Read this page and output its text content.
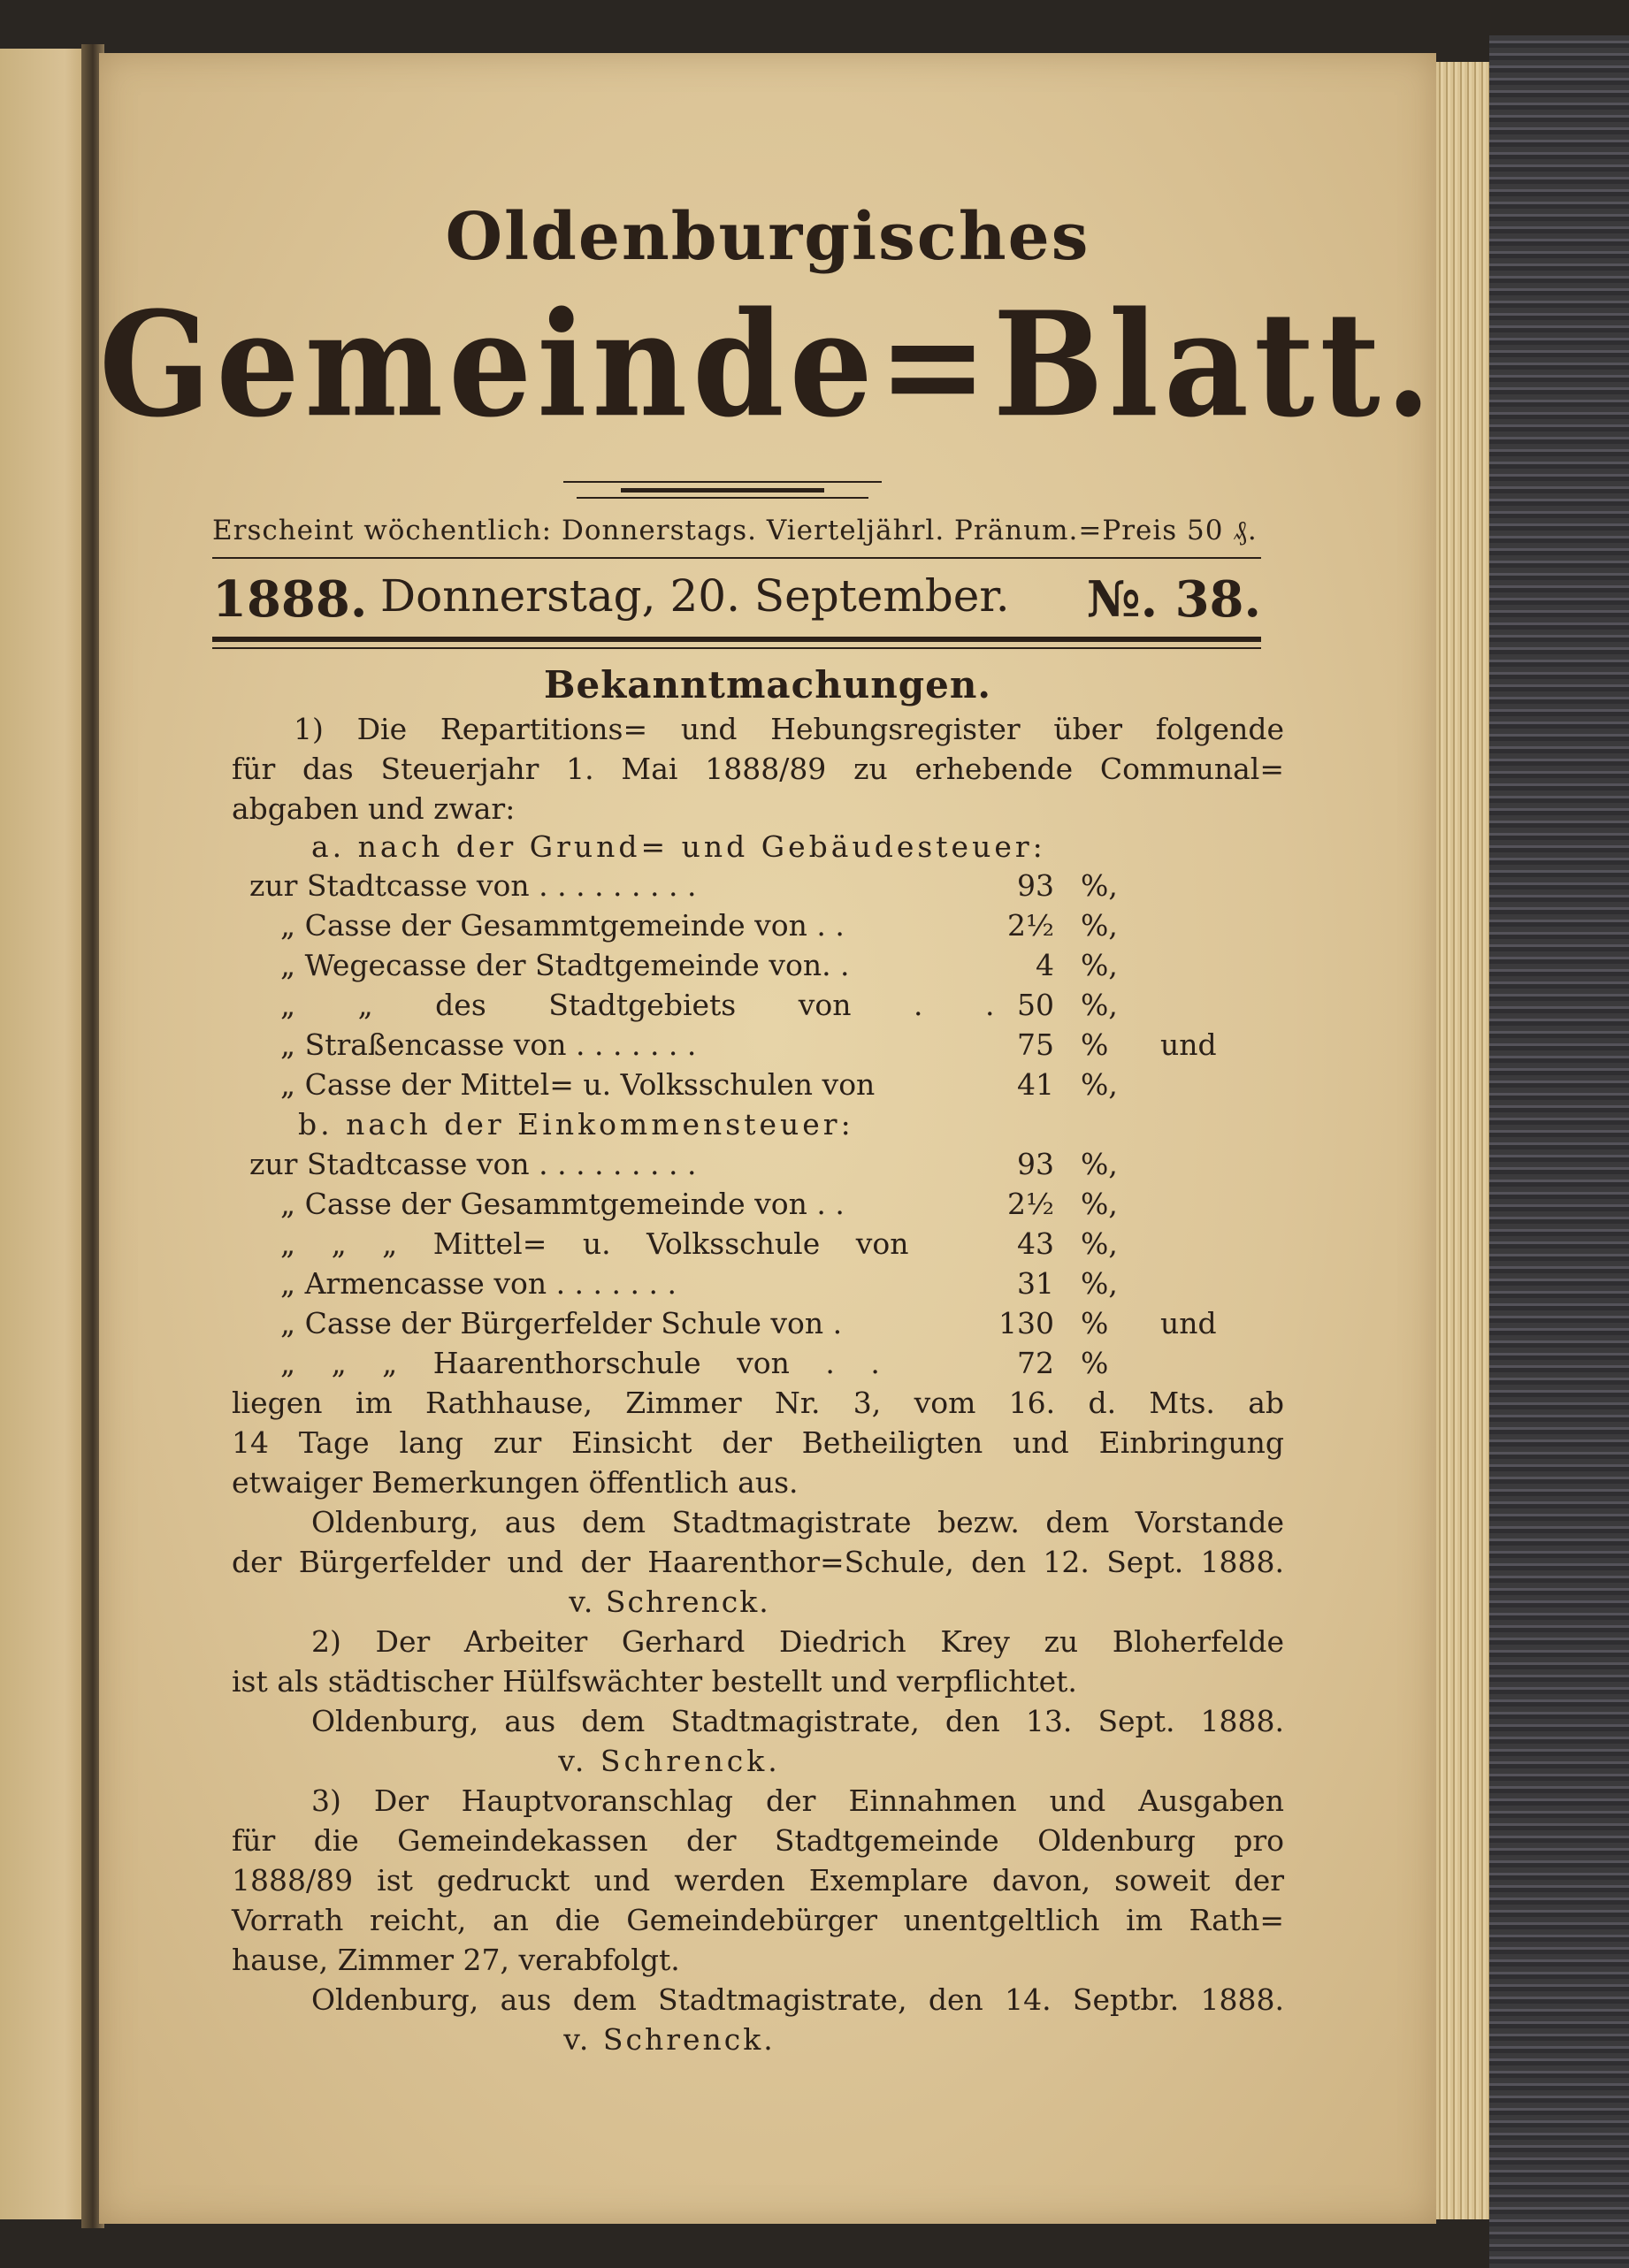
Oldenburgisches
Gemeinde=Blatt.
Erscheint wöchentlich: Donnerstags. Vierteljährl. Pränum.=Preis 50 ₰.
1888. Donnerstag, 20. September. №. 38.
Bekanntmachungen.
1) Die Repartitions= und Hebungsregister über folgende
für das Steuerjahr 1. Mai 1888/89 zu erhebende Communal=
abgaben und zwar:
a. nach der Grund= und Gebäudesteuer:
zur Stadtcasse von . . . . . . . . .	93 %,
„ Casse der Gesammtgemeinde von . .	2½ %,
„ Wegecasse der Stadtgemeinde von. .	4 %,
„ „ des Stadtgebiets von . . 50 %,
„ Straßencasse von . . . . . . .	75 % und
„ Casse der Mittel= u. Volksschulen von	41 %,
b. nach der Einkommensteuer:
zur Stadtcasse von . . . . . . . . .	93 %,
„ Casse der Gesammtgemeinde von . .	2½ %,
„ „ „ Mittel= u. Volksschule von	43 %,
„ Armencasse von . . . . . . .	31 %,
„ Casse der Bürgerfelder Schule von .	130 % und
„ „ „ Haarenthorschule von . .	72 %
liegen im Rathhause, Zimmer Nr. 3, vom 16. d. Mts. ab
14 Tage lang zur Einsicht der Betheiligten und Einbringung
etwaiger Bemerkungen öffentlich aus.
Oldenburg, aus dem Stadtmagistrate bezw. dem Vorstande
der Bürgerfelder und der Haarenthor=Schule, den 12. Sept. 1888.
v. Schrenck.
2) Der Arbeiter Gerhard Diedrich Krey zu Bloherfelde
ist als städtischer Hülfswächter bestellt und verpflichtet.
Oldenburg, aus dem Stadtmagistrate, den 13. Sept. 1888.
v. Schrenck.
3) Der Hauptvoranschlag der Einnahmen und Ausgaben
für die Gemeindekassen der Stadtgemeinde Oldenburg pro
1888/89 ist gedruckt und werden Exemplare davon, soweit der
Vorrath reicht, an die Gemeindebürger unentgeltlich im Rath=
hause, Zimmer 27, verabfolgt.
Oldenburg, aus dem Stadtmagistrate, den 14. Septbr. 1888.
v. Schrenck.
